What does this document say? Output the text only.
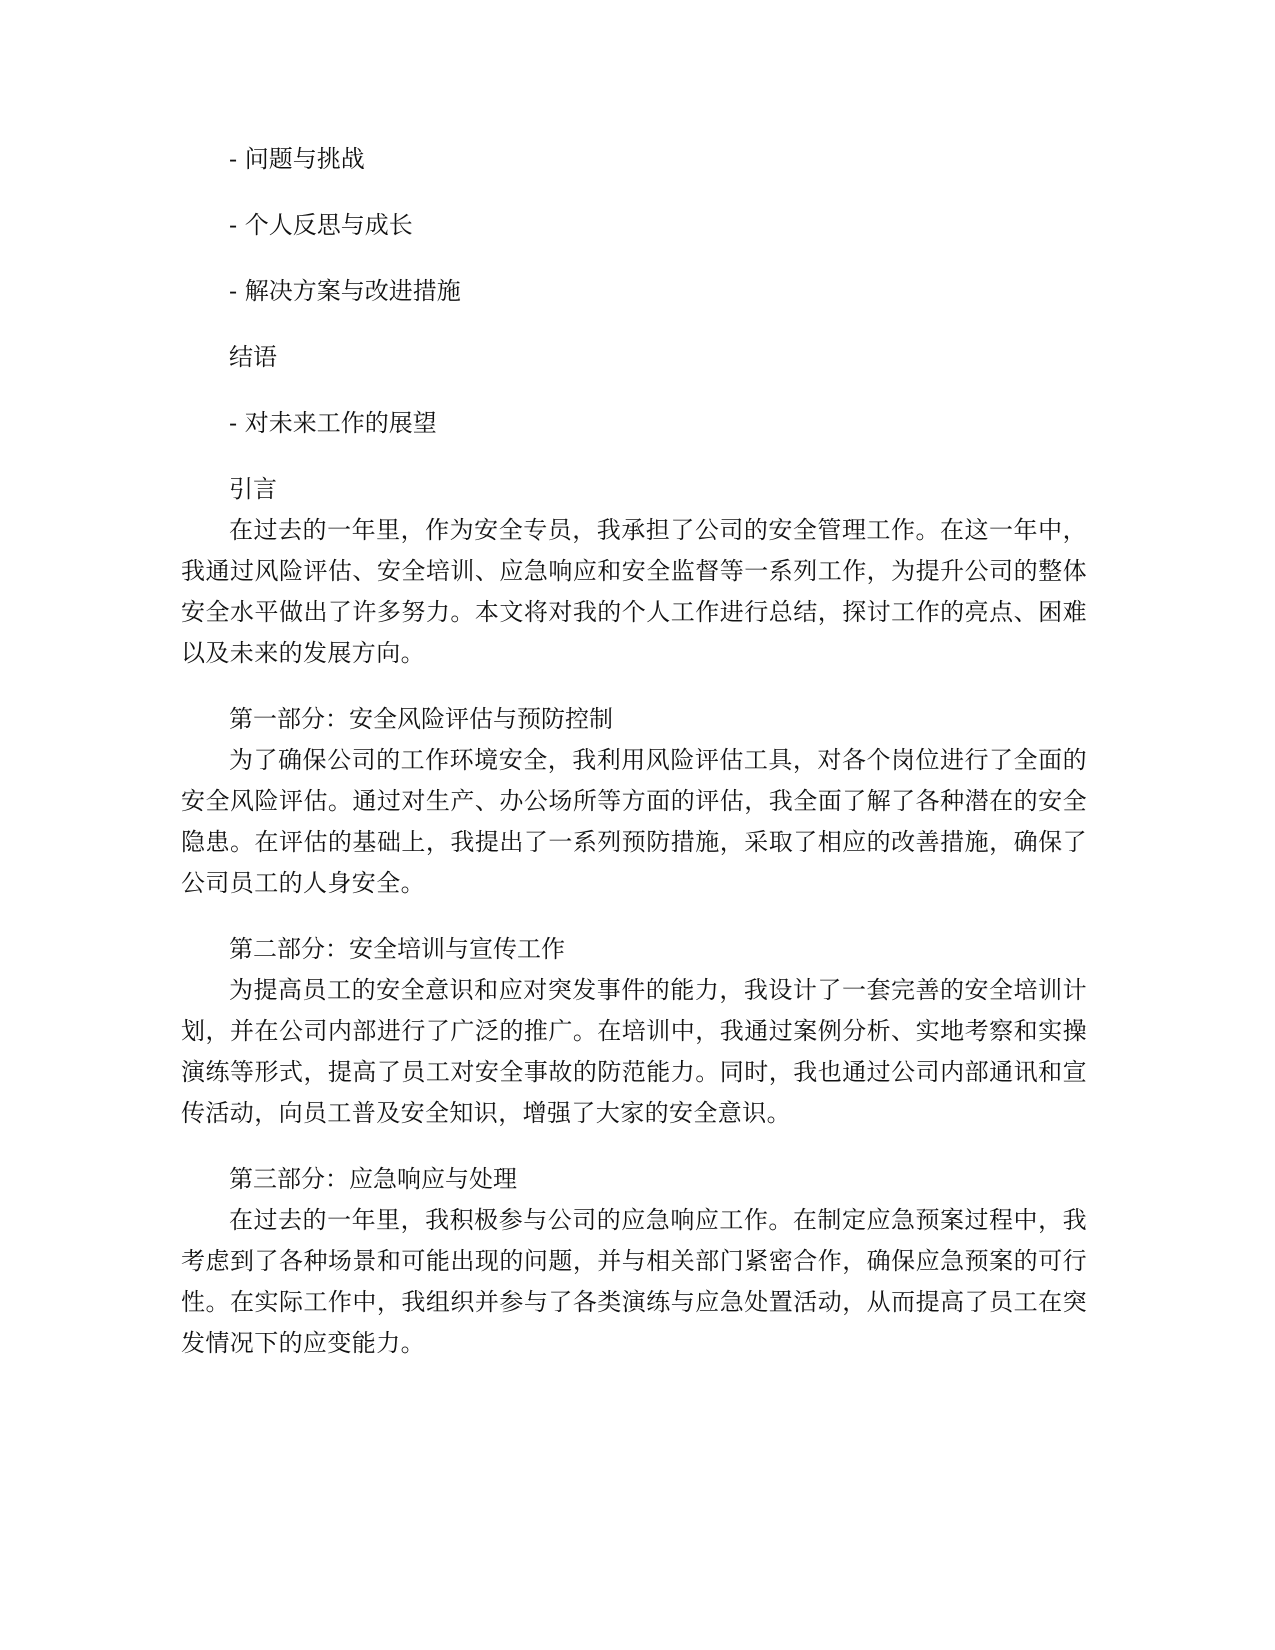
- 问题与挑战

- 个人反思与成长

- 解决方案与改进措施

结语

- 对未来工作的展望

引言

在过去的一年里，作为安全专员，我承担了公司的安全管理工作。在这一年中，我通过风险评估、安全培训、应急响应和安全监督等一系列工作，为提升公司的整体安全水平做出了许多努力。本文将对我的个人工作进行总结，探讨工作的亮点、困难以及未来的发展方向。

第一部分：安全风险评估与预防控制

为了确保公司的工作环境安全，我利用风险评估工具，对各个岗位进行了全面的安全风险评估。通过对生产、办公场所等方面的评估，我全面了解了各种潜在的安全隐患。在评估的基础上，我提出了一系列预防措施，采取了相应的改善措施，确保了公司员工的人身安全。

第二部分：安全培训与宣传工作

为提高员工的安全意识和应对突发事件的能力，我设计了一套完善的安全培训计划，并在公司内部进行了广泛的推广。在培训中，我通过案例分析、实地考察和实操演练等形式，提高了员工对安全事故的防范能力。同时，我也通过公司内部通讯和宣传活动，向员工普及安全知识，增强了大家的安全意识。

第三部分：应急响应与处理

在过去的一年里，我积极参与公司的应急响应工作。在制定应急预案过程中，我考虑到了各种场景和可能出现的问题，并与相关部门紧密合作，确保应急预案的可行性。在实际工作中，我组织并参与了各类演练与应急处置活动，从而提高了员工在突发情况下的应变能力。
